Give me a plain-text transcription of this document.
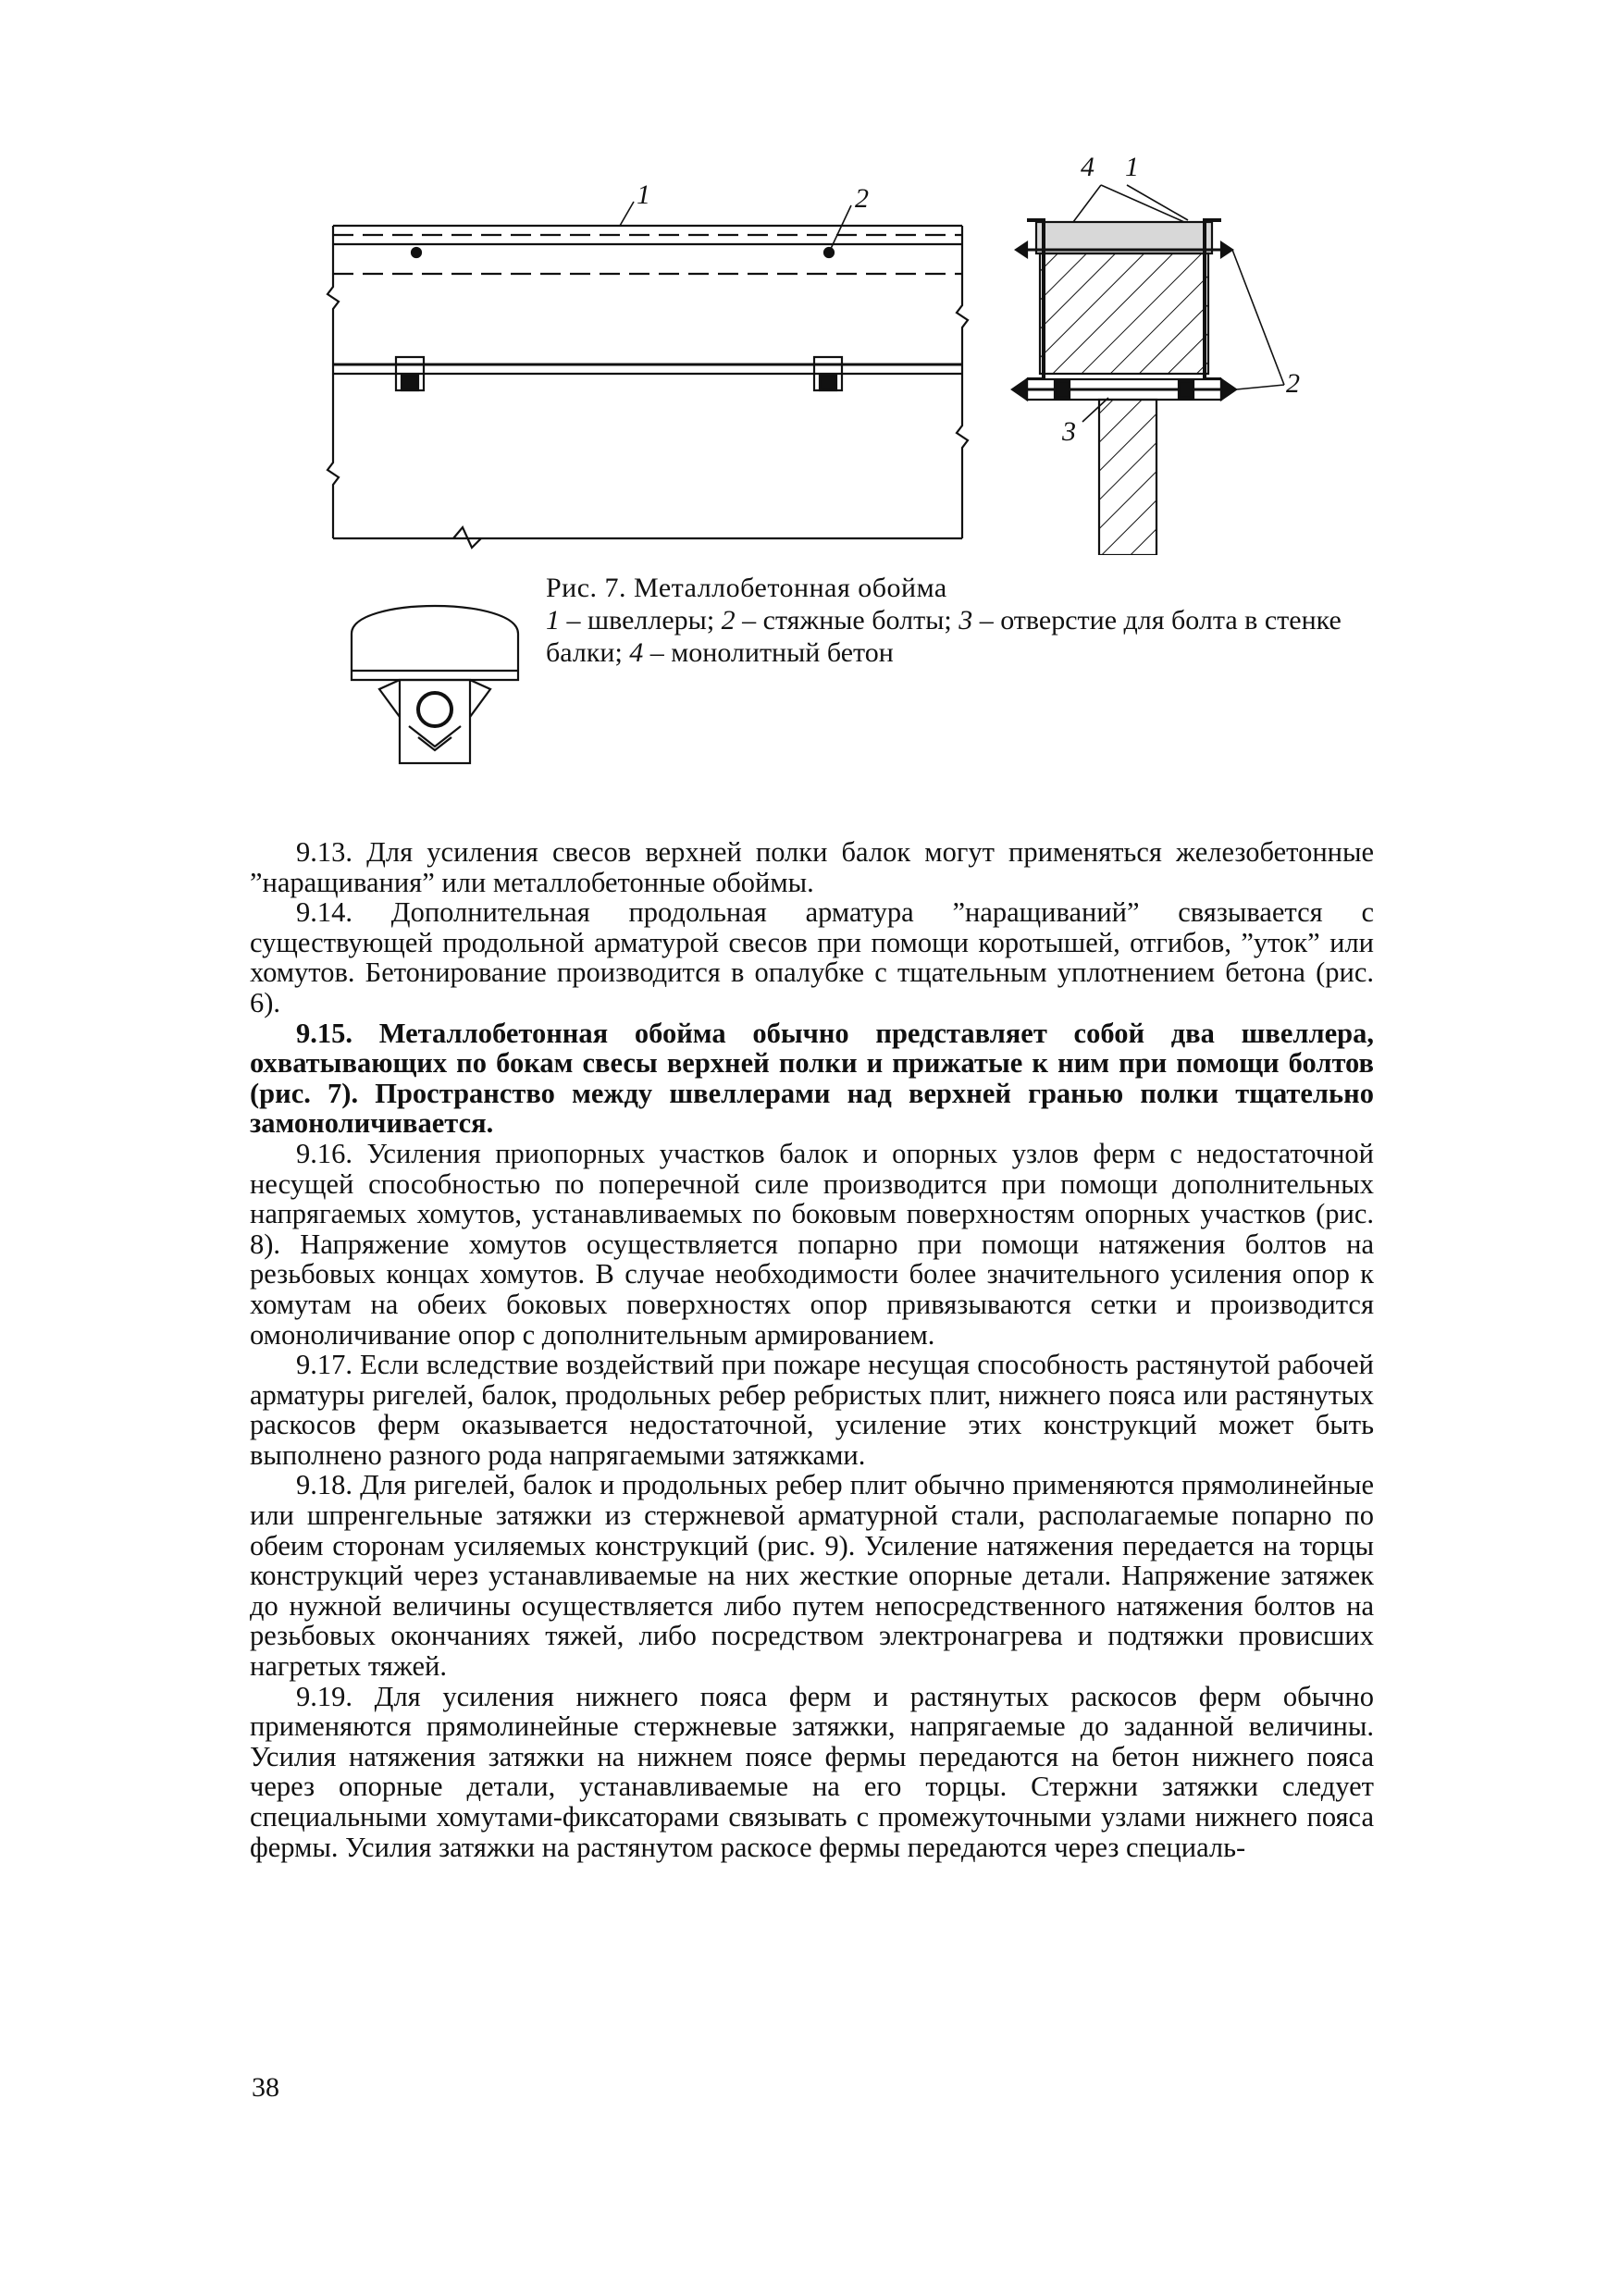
1	2
4 1
2
3
Рис. 7. Металлобетонная обойма
1 – швеллеры; 2 – стяжные болты; 3 – отверстие для болта в стенке балки; 4 – монолитный бетон

9.13. Для усиления свесов верхней полки балок могут применяться железобетонные ”наращивания” или металлобетонные обоймы.

9.14. Дополнительная продольная арматура ”наращиваний” связывается с существующей продольной арматурой свесов при помощи коротышей, отгибов, ”уток” или хомутов. Бетонирование производится в опалубке с тщательным уплотнением бетона (рис. 6).

9.15. Металлобетонная обойма обычно представляет собой два швеллера, охватывающих по бокам свесы верхней полки и прижатые к ним при помощи болтов (рис. 7). Пространство между швеллерами над верхней гранью полки тщательно замоноличивается.

9.16. Усиления приопорных участков балок и опорных узлов ферм с недостаточной несущей способностью по поперечной силе производится при помощи дополнительных напрягаемых хомутов, устанавливаемых по боковым поверхностям опорных участков (рис. 8). Напряжение хомутов осуществляется попарно при помощи натяжения болтов на резьбовых концах хомутов. В случае необходимости более значительного усиления опор к хомутам на обеих боковых поверхностях опор привязываются сетки и производится омоноличивание опор с дополнительным армированием.

9.17. Если вследствие воздействий при пожаре несущая способность растянутой рабочей арматуры ригелей, балок, продольных ребер ребристых плит, нижнего пояса или растянутых раскосов ферм оказывается недостаточной, усиление этих конструкций может быть выполнено разного рода напрягаемыми затяжками.

9.18. Для ригелей, балок и продольных ребер плит обычно применяются прямолинейные или шпренгельные затяжки из стержневой арматурной стали, располагаемые попарно по обеим сторонам усиляемых конструкций (рис. 9). Усиление натяжения передается на торцы конструкций через устанавливаемые на них жесткие опорные детали. Напряжение затяжек до нужной величины осуществляется либо путем непосредственного натяжения болтов на резьбовых окончаниях тяжей, либо посредством электронагрева и подтяжки провисших нагретых тяжей.

9.19. Для усиления нижнего пояса ферм и растянутых раскосов ферм обычно применяются прямолинейные стержневые затяжки, напрягаемые до заданной величины. Усилия натяжения затяжки на нижнем поясе фермы передаются на бетон нижнего пояса через опорные детали, устанавливаемые на его торцы. Стержни затяжки следует специальными хомутами-фиксаторами связывать с промежуточными узлами нижнего пояса фермы. Усилия затяжки на растянутом раскосе фермы передаются через специаль-

38
